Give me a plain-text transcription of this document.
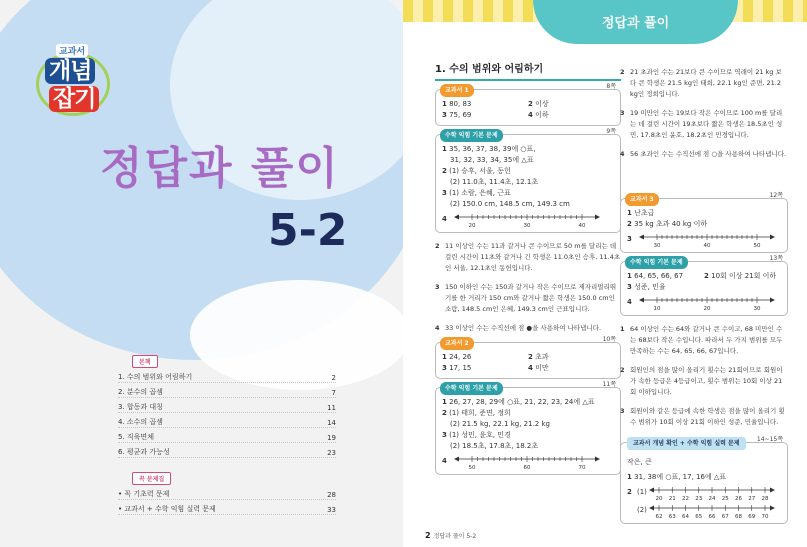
교과서
개념
잡기
정답과 풀이
5-2
본책
1. 수의 범위와 어림하기	2
2. 분수의 곱셈	7
3. 합동과 대칭	11
4. 소수의 곱셈	14
5. 직육면체	19
6. 평균과 가능성	23
꼭 문제집
• 꼭 기초력 문제	28
• 교과서 + 수학 익힘 실력 문제	33
정답과 풀이
1. 수의 범위와 어림하기
교과서 1
8쪽
1 80, 83	2 이상
3 75, 69	4 이하
수학 익힘 기본 문제
9쪽
1 35, 36, 37, 38, 39에 ○표,
31, 32, 33, 34, 35에 △표
2 (1) 승후, 서울, 동헌
(2) 11.0초, 11.4초, 12.1초
3 (1) 소람, 은혜, 근표
(2) 150.0 cm, 148.5 cm, 149.3 cm
4
20	30	40
2 11 이상인 수는 11과 같거나 큰 수이므로 50 m를 달리는 데 걸린 시간이 11초와 같거나 긴 학생은 11.0초인 승후, 11.4초인 서울, 12.1초인 동헌입니다.
3 150 이하인 수는 150과 같거나 작은 수이므로 제자리멀리뛰기를 한 거리가 150 cm와 같거나 짧은 학생은 150.0 cm인 소람, 148.5 cm인 은혜, 149.3 cm인 근표입니다.
4 33 이상인 수는 수직선에 점 ●을 사용하여 나타냅니다.
교과서 2
10쪽
1 24, 26	2 초과
3 17, 15	4 미만
수학 익힘 기본 문제
11쪽
1 26, 27, 28, 29에 ○표, 21, 22, 23, 24에 △표
2 (1) 태희, 준면, 정희
(2) 21.5 kg, 22.1 kg, 21.2 kg
3 (1) 성민, 윤호, 민경
(2) 18.5초, 17.8초, 18.2초
4
50	60	70
2 21 초과인 수는 21보다 큰 수이므로 역래이 21 kg 보다 큰 학생은 21.5 kg인 태희, 22.1 kg인 준면, 21.2 kg인 정희입니다.
3 19 미만인 수는 19보다 작은 수이므로 100 m를 달리는 데 걸린 시간이 19초보다 짧은 학생은 18.5초인 성민, 17.8초인 윤호, 18.2초인 민경입니다.
4 56 초과인 수는 수직선에 점 ○을 사용하여 나타냅니다.
교과서 3
12쪽
1 난초급
2 35 kg 초과 40 kg 이하
3
30	40	50
수학 익힘 기본 문제
13쪽
1 64, 65, 66, 67	2 10회 이상 21회 이하
3 성준, 민율
4
10	20	30
1 64 이상인 수는 64와 같거나 큰 수이고, 68 미만인 수는 68보다 작은 수입니다. 따라서 두 가지 범위를 모두 만족하는 수는 64, 65, 66, 67입니다.
2 회원인의 점을 많이 올리기 횟수는 21회이므로 회원이가 속한 등급은 4등급이고, 횟수 범위는 10회 이상 21회 이하입니다.
3 회원이와 같은 등급에 속한 학생은 점을 많이 올리기 횟수 범위가 10회 이상 21회 이하인 성준, 민율입니다.
교과서 개념 확인 + 수학 익힘 실력 문제
14~15쪽
작은, 큰
1 31, 38에 ○표, 17, 16에 △표
2 (1)
20 21 22 23 24 25 26 27 28
(2)
62 63 64 65 66 67 68 69 70
2 정답과 풀이 5-2
